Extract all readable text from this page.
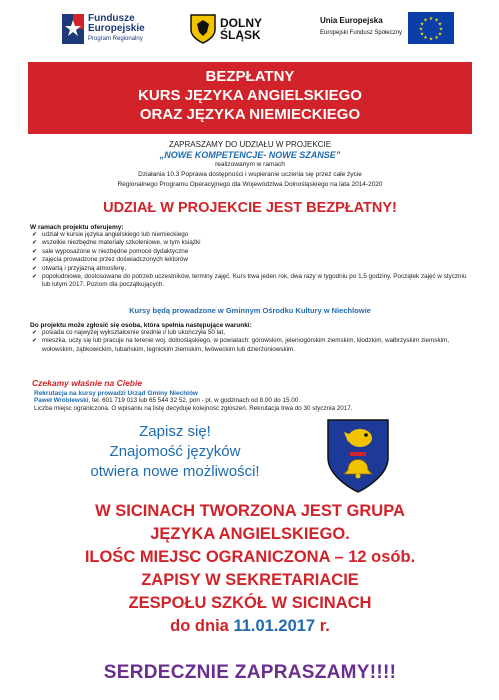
Fundusze
Europejskie
Program Regionalny
DOLNY
ŚLĄSK
Unia Europejska
Europejski Fundusz Społeczny
★ ★
★
★
★
★
★
★
★
★
★
★
BEZPŁATNY
KURS JĘZYKA ANGIELSKIEGO
ORAZ JĘZYKA NIEMIECKIEGO
ZAPRASZAMY DO UDZIAŁU W PROJEKCIE
„NOWE KOMPETENCJE- NOWE SZANSE”
realizowanym w ramach
Działania 10.3 Poprawa dostępności i wspieranie uczenia się przez całe życie
Regionalnego Programu Operacyjnego dla Województwa Dolnośląskiego na lata 2014-2020
UDZIAŁ W PROJEKCIE JEST BEZPŁATNY!
W ramach projektu oferujemy:
✔ udział w kursie języka angielskiego lub niemieckiego
✔ wszelkie niezbędne materiały szkoleniowe, w tym książki
✔ sale wyposażone w niezbędne pomoce dydaktyczne
✔ zajęcia prowadzone przez doświadczonych lektorów
✔ otwartą i przyjazną atmosferę,
✔ popołudniowe, dostosowane do potrzeb uczestników, terminy zajęć. Kurs trwa jeden rok, dwa razy w tygodniu po 1,5 godziny. Początek zajęć w styczniu lub lutym 2017. Poziom dla początkujących.
Kursy będą prowadzone w Gminnym Ośrodku Kultury w Niechlowie
Do projektu może zgłosić się osoba, która spełnia następujące warunki:
✔ posiada co najwyżej wykształcenie średnie i/ lub ukończyła 50 lat,
✔ mieszka, uczy się lub pracuje na terenie woj. dolnośląskiego, w powiatach: górowskim, jeleniogórskim ziemskim, kłodzkim, wałbrzyskim ziemskim, wołowskim, ząbkowickim, lubańskim, legnickim ziemskim, lwóweckim lub dzierżoniowskim.
Czekamy właśnie na Ciebie
Rekrutacja na kursy prowadzi Urząd Gminy Niechlów
Paweł Wróblewski, tel. 601 719 013 lub 65 544 32 52, pon - pt, w godzinach od 8.00 do 15.00.
Liczba miejsc ograniczona. O wpisaniu na listę decyduje kolejność zgłoszeń. Rekrutacja trwa do 30 stycznia 2017.
Zapisz się!
Znajomość języków
otwiera nowe możliwości!
W SICINACH TWORZONA JEST GRUPA
JĘZYKA ANGIELSKIEGO.
ILOŚC MIEJSC OGRANICZONA – 12 osób.
ZAPISY W SEKRETARIACIE
ZESPOŁU SZKÓŁ W SICINACH
do dnia 11.01.2017 r.
SERDECZNIE ZAPRASZAMY!!!!
